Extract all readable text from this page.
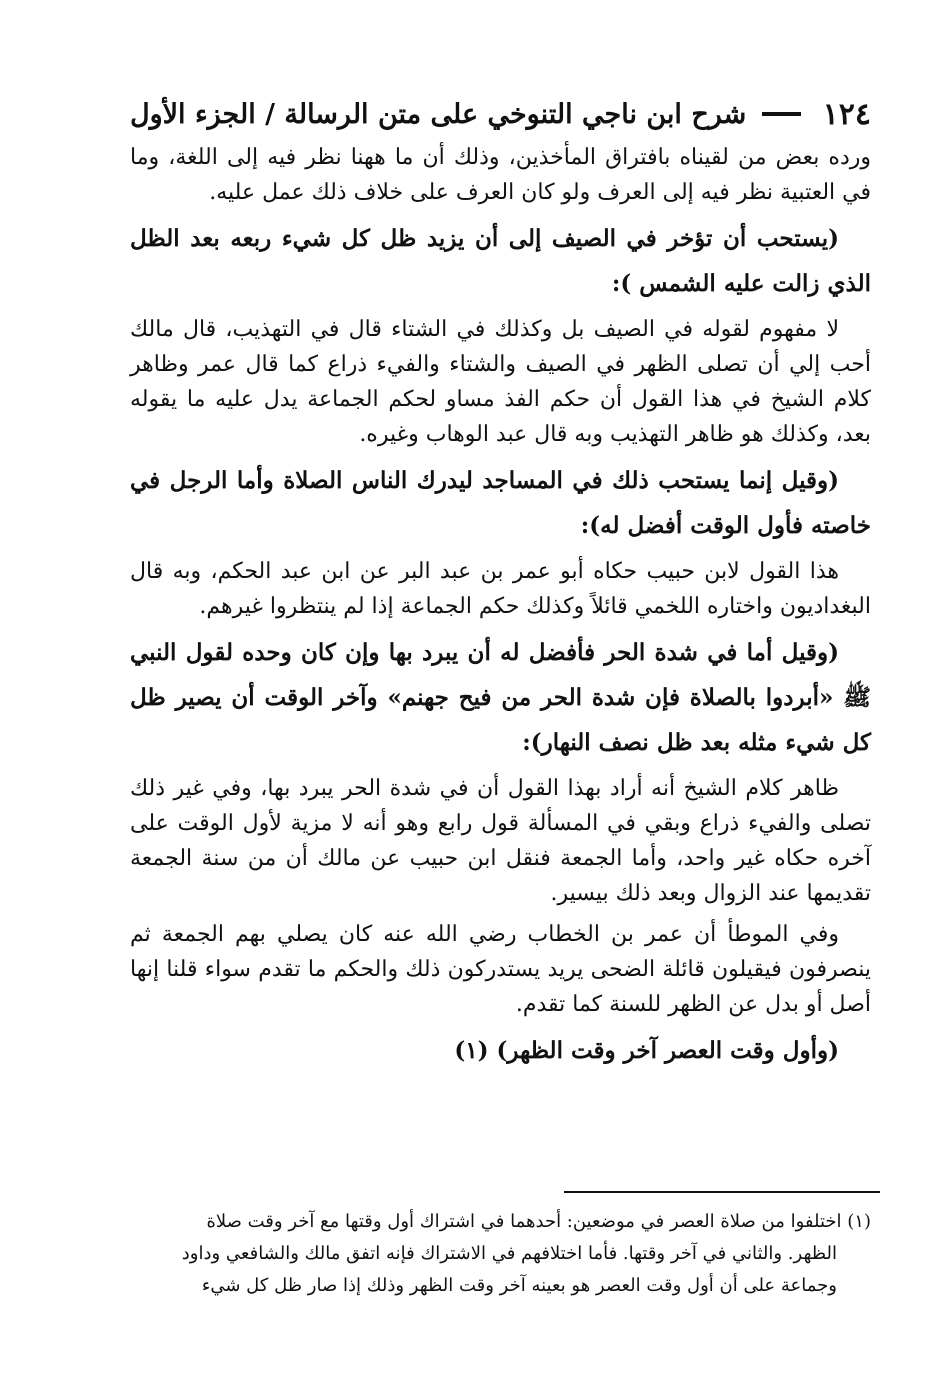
١٢٤
شرح ابن ناجي التنوخي على متن الرسالة / الجزء الأول

ورده بعض من لقيناه بافتراق المأخذين، وذلك أن ما ههنا نظر فيه إلى اللغة، وما في العتبية نظر فيه إلى العرف ولو كان العرف على خلاف ذلك عمل عليه.

(يستحب أن تؤخر في الصيف إلى أن يزيد ظل كل شيء ربعه بعد الظل الذي زالت عليه الشمس ):

لا مفهوم لقوله في الصيف بل وكذلك في الشتاء قال في التهذيب، قال مالك أحب إلي أن تصلى الظهر في الصيف والشتاء والفيء ذراع كما قال عمر وظاهر كلام الشيخ في هذا القول أن حكم الفذ مساو لحكم الجماعة يدل عليه ما يقوله بعد، وكذلك هو ظاهر التهذيب وبه قال عبد الوهاب وغيره.

(وقيل إنما يستحب ذلك في المساجد ليدرك الناس الصلاة وأما الرجل في خاصته فأول الوقت أفضل له):

هذا القول لابن حبيب حكاه أبو عمر بن عبد البر عن ابن عبد الحكم، وبه قال البغداديون واختاره اللخمي قائلاً وكذلك حكم الجماعة إذا لم ينتظروا غيرهم.

(وقيل أما في شدة الحر فأفضل له أن يبرد بها وإن كان وحده لقول النبي ﷺ «أبردوا بالصلاة فإن شدة الحر من فيح جهنم» وآخر الوقت أن يصير ظل كل شيء مثله بعد ظل نصف النهار):

ظاهر كلام الشيخ أنه أراد بهذا القول أن في شدة الحر يبرد بها، وفي غير ذلك تصلى والفيء ذراع وبقي في المسألة قول رابع وهو أنه لا مزية لأول الوقت على آخره حكاه غير واحد، وأما الجمعة فنقل ابن حبيب عن مالك أن من سنة الجمعة تقديمها عند الزوال وبعد ذلك بيسير.

وفي الموطأ أن عمر بن الخطاب رضي الله عنه كان يصلي بهم الجمعة ثم ينصرفون فيقيلون قائلة الضحى يريد يستدركون ذلك والحكم ما تقدم سواء قلنا إنها أصل أو بدل عن الظهر للسنة كما تقدم.

(وأول وقت العصر آخر وقت الظهر) (١)

(١) اختلفوا من صلاة العصر في موضعين: أحدهما في اشتراك أول وقتها مع آخر وقت صلاة

الظهر. والثاني في آخر وقتها. فأما اختلافهم في الاشتراك فإنه اتفق مالك والشافعي وداود

وجماعة على أن أول وقت العصر هو بعينه آخر وقت الظهر وذلك إذا صار ظل كل شيء
